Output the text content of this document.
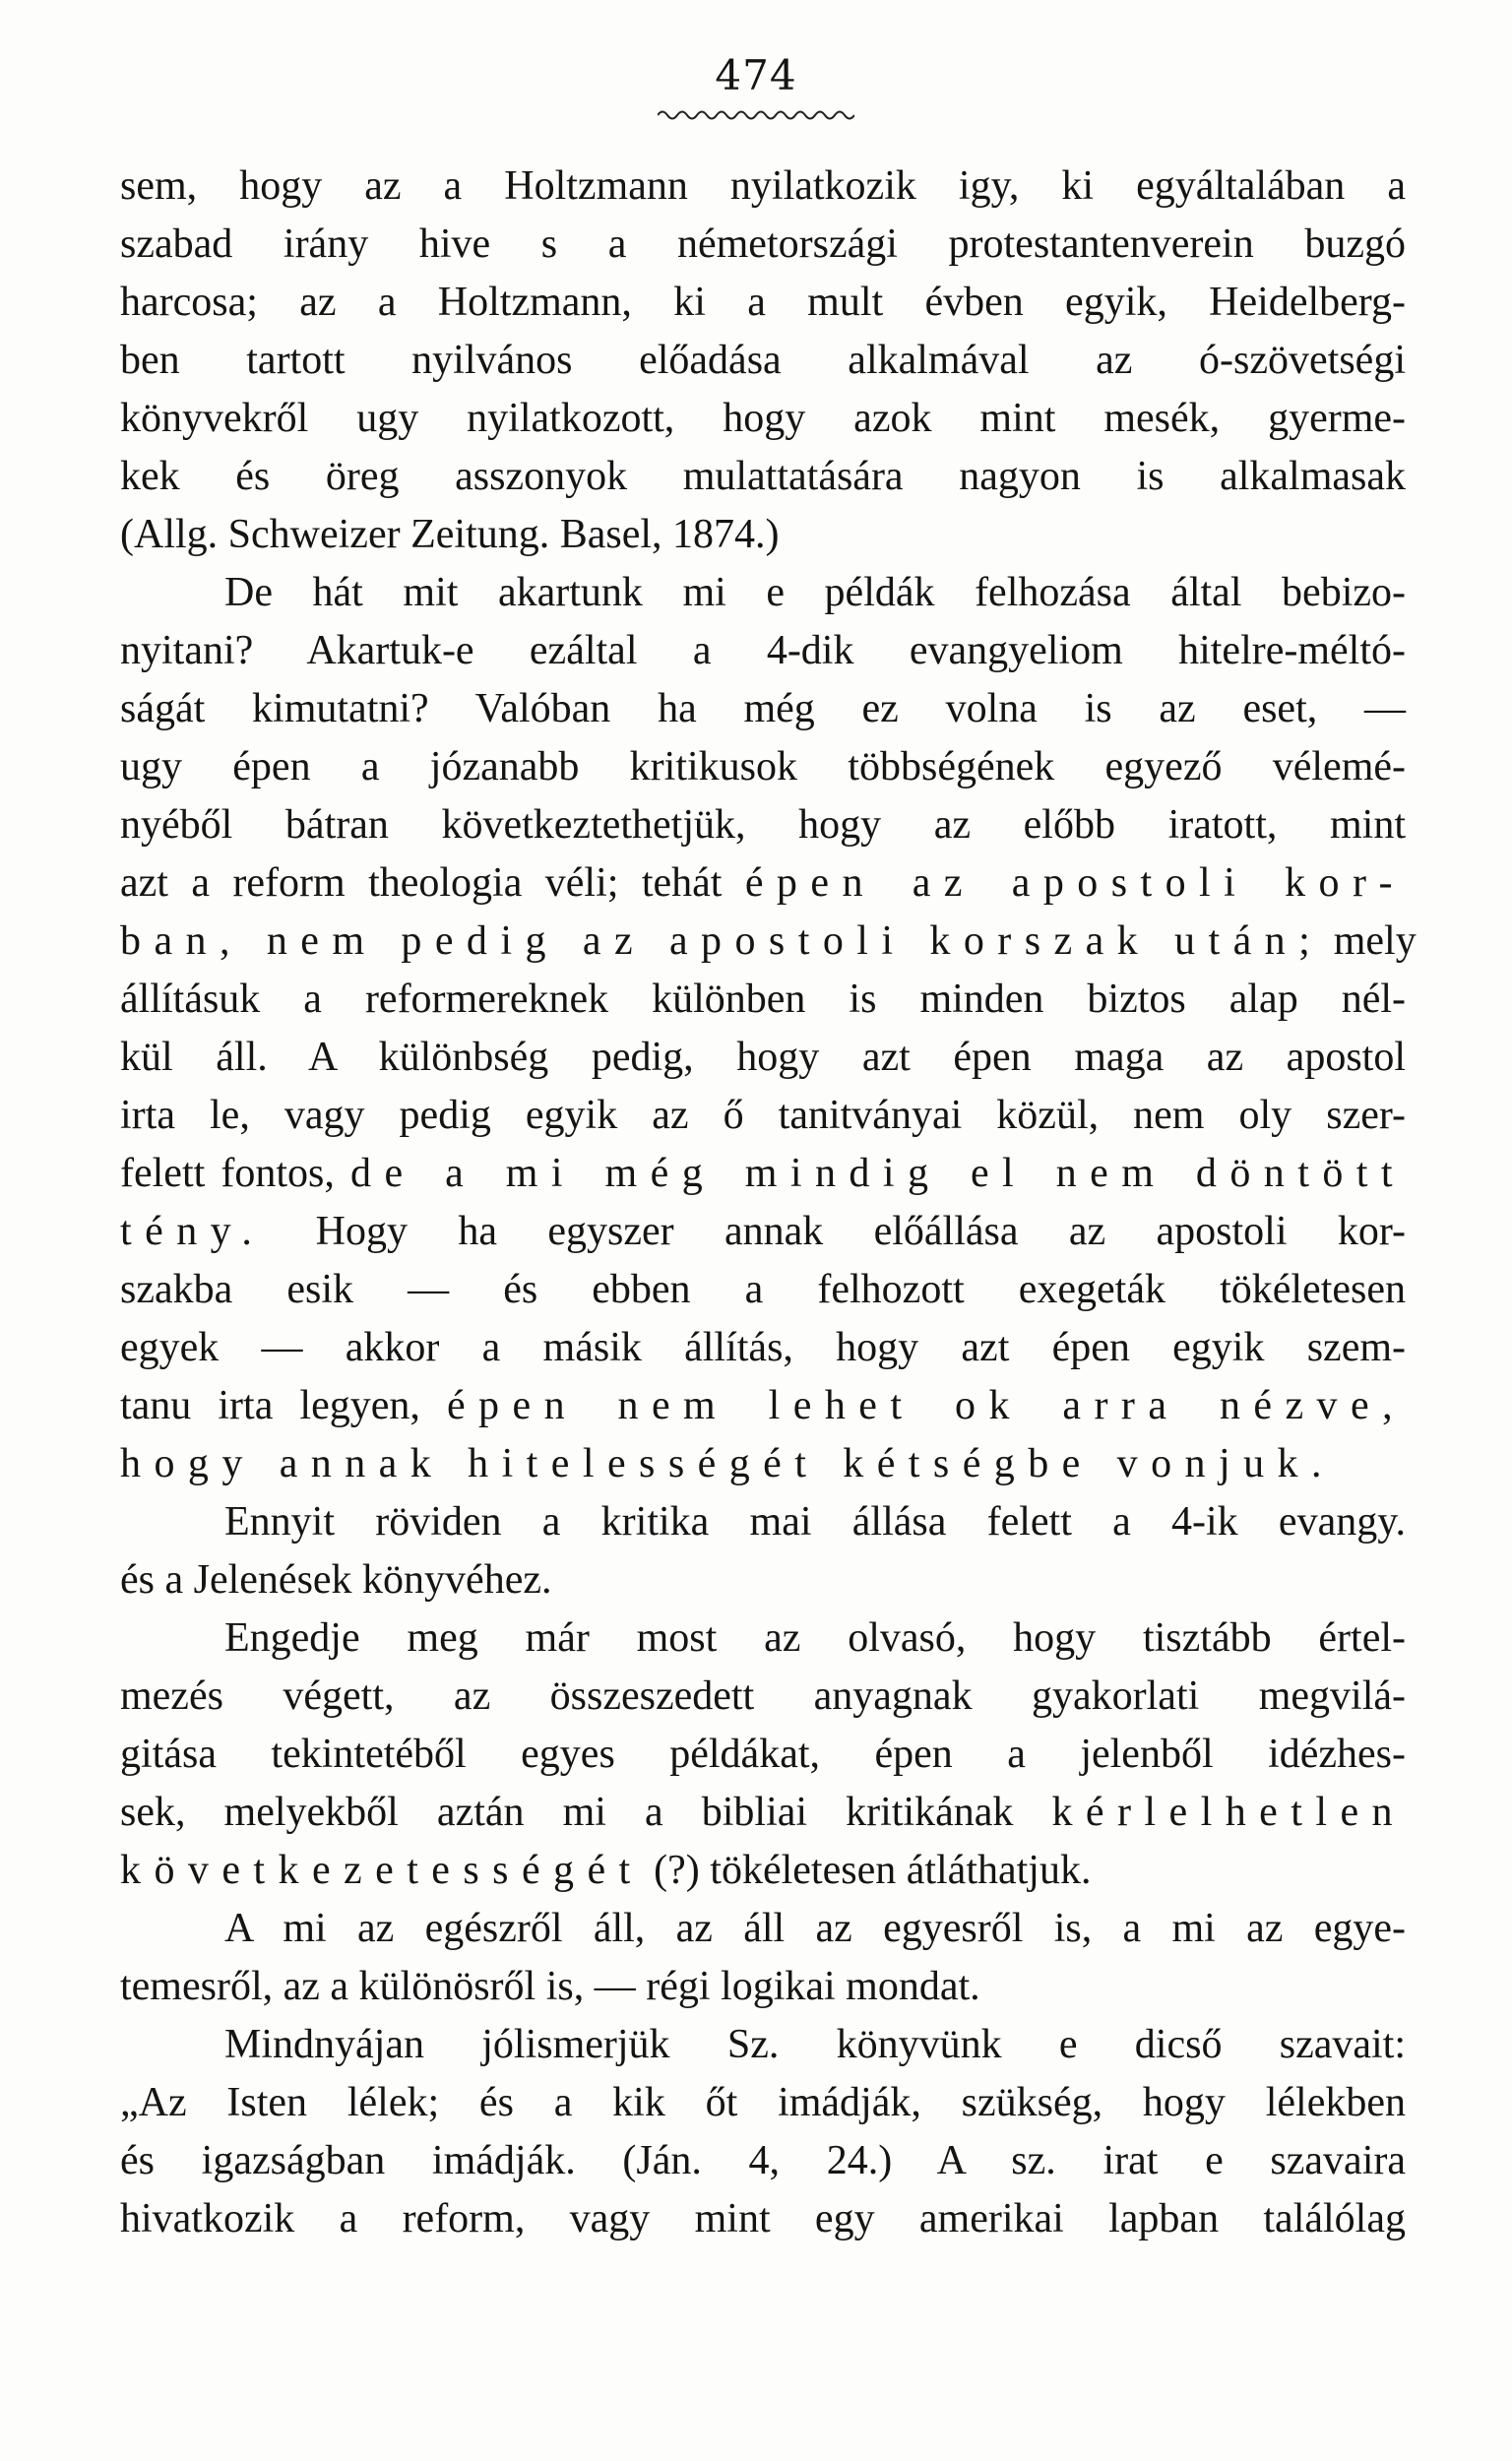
474
sem, hogy az a Holtzmann nyilatkozik igy, ki egyáltalában a
szabad irány hive s a németországi protestantenverein buzgó
harcosa; az a Holtzmann, ki a mult évben egyik, Heidelberg-
ben tartott nyilvános előadása alkalmával az ó-szövetségi
könyvekről ugy nyilatkozott, hogy azok mint mesék, gyerme-
kek és öreg asszonyok mulattatására nagyon is alkalmasak
(Allg. Schweizer Zeitung. Basel, 1874.)
De hát mit akartunk mi e példák felhozása által bebizo-
nyitani? Akartuk-e ezáltal a 4-dik evangyeliom hitelre-méltó-
ságát kimutatni? Valóban ha még ez volna is az eset, —
ugy épen a józanabb kritikusok többségének egyező vélemé-
nyéből bátran következtethetjük, hogy az előbb iratott, mint
azt a reform theologia véli; tehát épen az apostoli kor-
ban, nem pedig az apostoli korszak után; mely
állításuk a reformereknek különben is minden biztos alap nél-
kül áll. A különbség pedig, hogy azt épen maga az apostol
irta le, vagy pedig egyik az ő tanitványai közül, nem oly szer-
felett fontos, de a mi még mindig el nem döntött
tény. Hogy ha egyszer annak előállása az apostoli kor-
szakba esik — és ebben a felhozott exegeták tökéletesen
egyek — akkor a másik állítás, hogy azt épen egyik szem-
tanu irta legyen, épen nem lehet ok arra nézve,
hogy annak hitelességét kétségbe vonjuk.
Ennyit röviden a kritika mai állása felett a 4-ik evangy.
és a Jelenések könyvéhez.
Engedje meg már most az olvasó, hogy tisztább értel-
mezés végett, az összeszedett anyagnak gyakorlati megvilá-
gitása tekintetéből egyes példákat, épen a jelenből idézhes-
sek, melyekből aztán mi a bibliai kritikának kérlelhetlen
következetességét (?) tökéletesen átláthatjuk.
A mi az egészről áll, az áll az egyesről is, a mi az egye-
temesről, az a különösről is, — régi logikai mondat.
Mindnyájan jólismerjük Sz. könyvünk e dicső szavait:
„Az Isten lélek; és a kik őt imádják, szükség, hogy lélekben
és igazságban imádják. (Ján. 4, 24.) A sz. irat e szavaira
hivatkozik a reform, vagy mint egy amerikai lapban találólag
